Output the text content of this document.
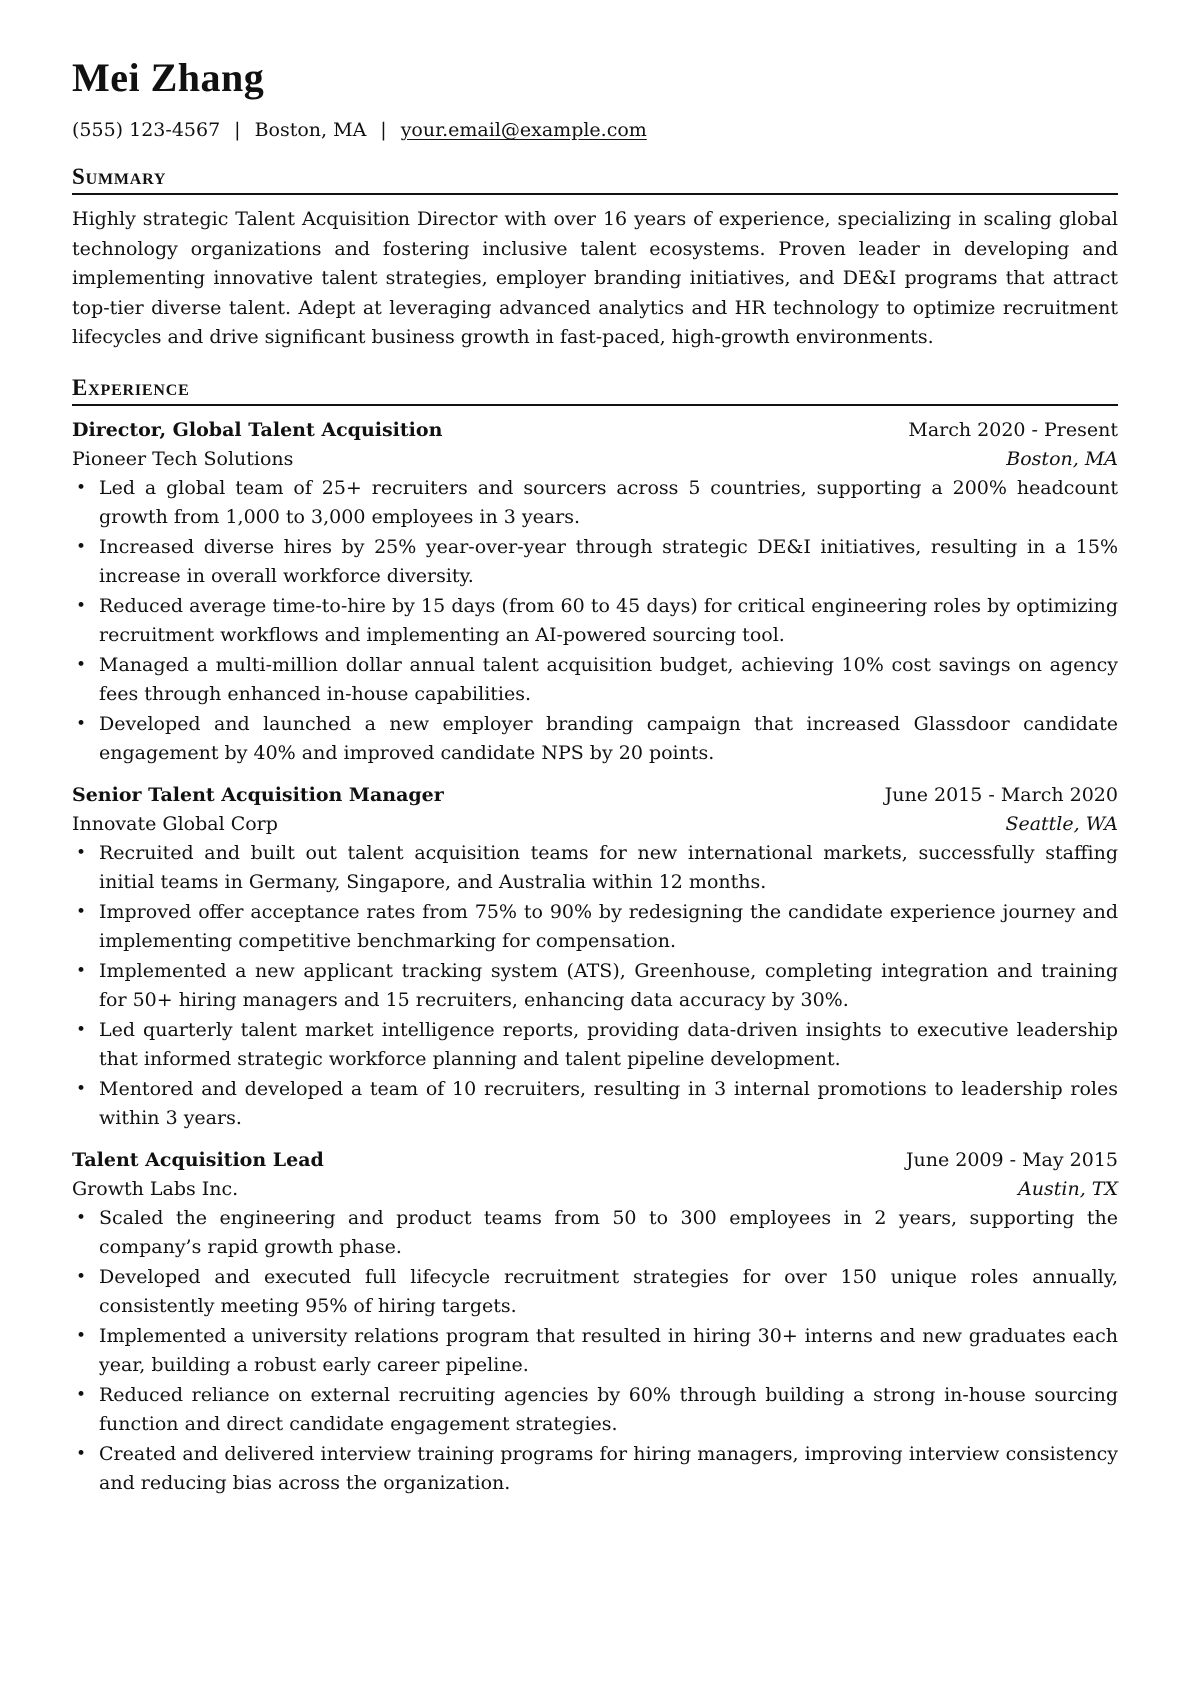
Mei Zhang
(555) 123-4567 | Boston, MA | your.email@example.com
Summary

Highly strategic Talent Acquisition Director with over 16 years of experience, specializing in scaling global technology organizations and fostering inclusive talent ecosystems. Proven leader in developing and implementing innovative talent strategies, employer branding initiatives, and DE&I programs that attract top-tier diverse talent. Adept at leveraging advanced analytics and HR technology to optimize recruitment lifecycles and drive significant business growth in fast-paced, high-growth environments.

Experience
Director, Global Talent Acquisition	March 2020 - Present
Pioneer Tech Solutions	Boston, MA
• Led a global team of 25+ recruiters and sourcers across 5 countries, supporting a 200% headcount growth from 1,000 to 3,000 employees in 3 years.
• Increased diverse hires by 25% year-over-year through strategic DE&I initiatives, resulting in a 15% increase in overall workforce diversity.
• Reduced average time-to-hire by 15 days (from 60 to 45 days) for critical engineering roles by optimizing recruitment workflows and implementing an AI-powered sourcing tool.
• Managed a multi-million dollar annual talent acquisition budget, achieving 10% cost savings on agency fees through enhanced in-house capabilities.
• Developed and launched a new employer branding campaign that increased Glassdoor candidate engagement by 40% and improved candidate NPS by 20 points.
Senior Talent Acquisition Manager	June 2015 - March 2020
Innovate Global Corp	Seattle, WA
• Recruited and built out talent acquisition teams for new international markets, successfully staffing initial teams in Germany, Singapore, and Australia within 12 months.
• Improved offer acceptance rates from 75% to 90% by redesigning the candidate experience journey and implementing competitive benchmarking for compensation.
• Implemented a new applicant tracking system (ATS), Greenhouse, completing integration and training for 50+ hiring managers and 15 recruiters, enhancing data accuracy by 30%.
• Led quarterly talent market intelligence reports, providing data-driven insights to executive leadership that informed strategic workforce planning and talent pipeline development.
• Mentored and developed a team of 10 recruiters, resulting in 3 internal promotions to leadership roles within 3 years.
Talent Acquisition Lead	June 2009 - May 2015
Growth Labs Inc.	Austin, TX
• Scaled the engineering and product teams from 50 to 300 employees in 2 years, supporting the company’s rapid growth phase.
• Developed and executed full lifecycle recruitment strategies for over 150 unique roles annually, consistently meeting 95% of hiring targets.
• Implemented a university relations program that resulted in hiring 30+ interns and new graduates each year, building a robust early career pipeline.
• Reduced reliance on external recruiting agencies by 60% through building a strong in-house sourcing function and direct candidate engagement strategies.
• Created and delivered interview training programs for hiring managers, improving interview consistency and reducing bias across the organization.
